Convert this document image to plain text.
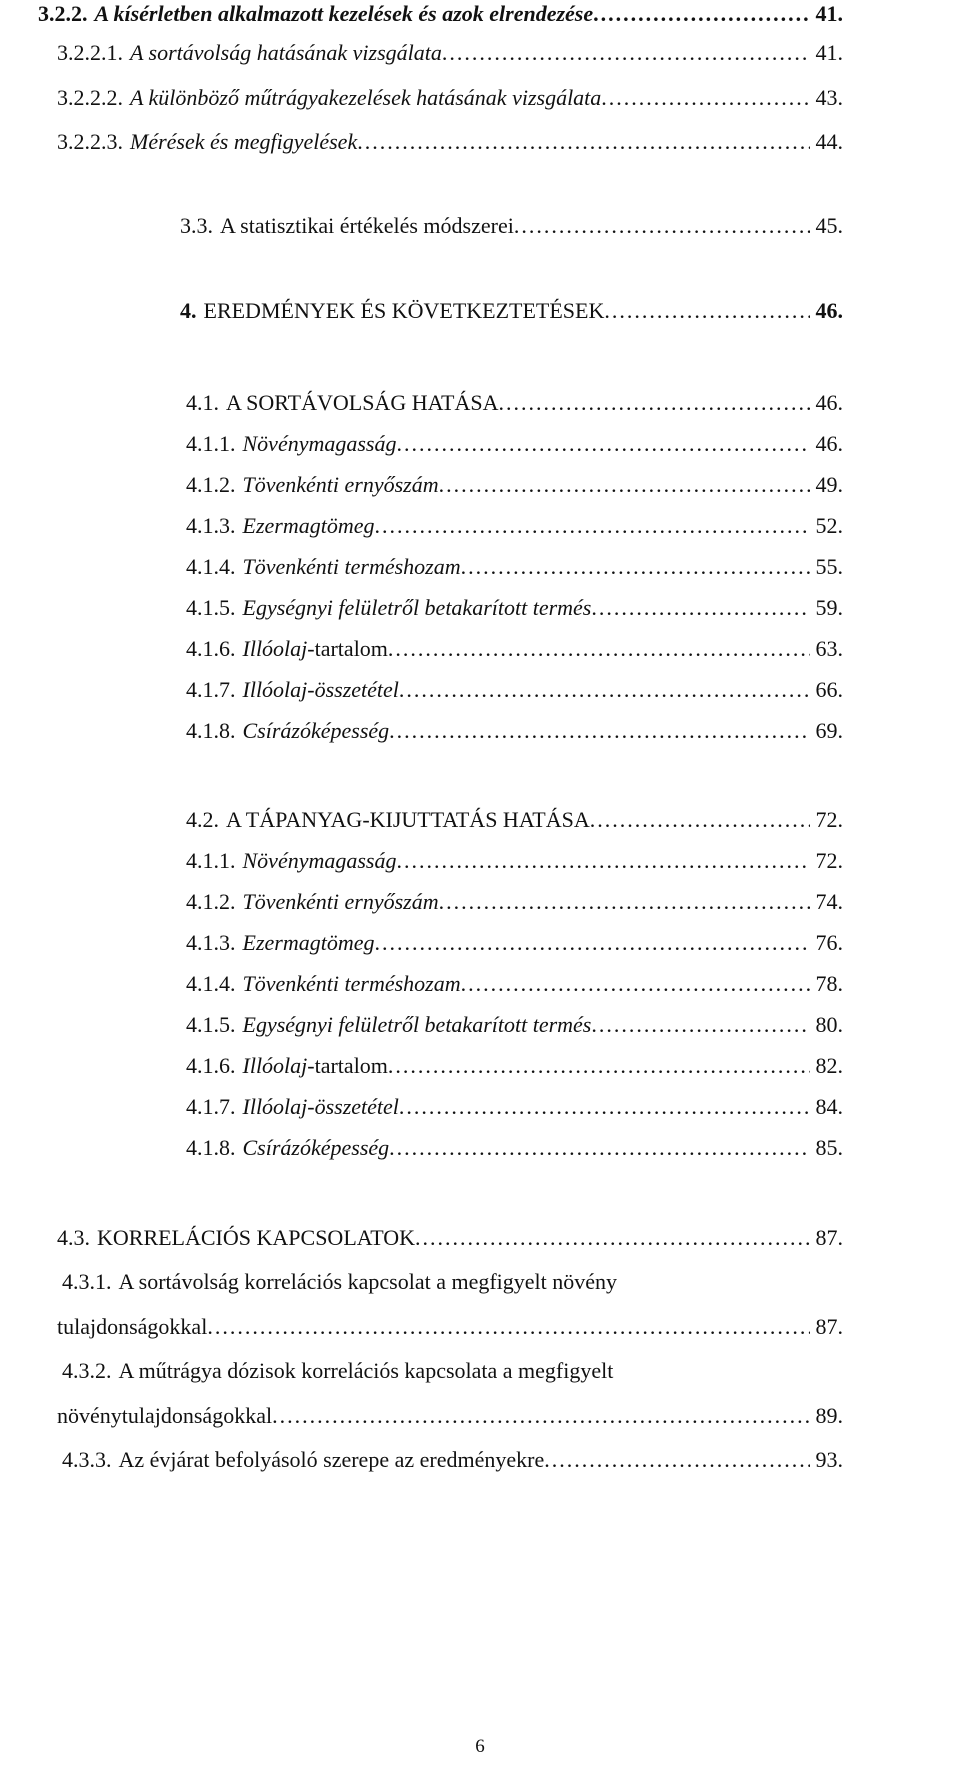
3.2.2. A kísérletben alkalmazott kezelések és azok elrendezése .....	41.
3.2.2.1. A sortávolság hatásának vizsgálata .....	41.
3.2.2.2. A különböző műtrágyakezelések hatásának vizsgálata .....	43.
3.2.2.3. Mérések és megfigyelések .....	44.
3.3. A statisztikai értékelés módszerei .....	45.
4. EREDMÉNYEK ÉS KÖVETKEZTETÉSEK .....	46.
4.1. A SORTÁVOLSÁG HATÁSA .....	46.
4.1.1. Növénymagasság .....	46.
4.1.2. Tövenkénti ernyőszám .....	49.
4.1.3. Ezermagtömeg .....	52.
4.1.4. Tövenkénti terméshozam .....	55.
4.1.5. Egységnyi felületről betakarított termés .....	59.
4.1.6. Illóolaj-tartalom .....	63.
4.1.7. Illóolaj-összetétel .....	66.
4.1.8. Csírázóképesség .....	69.
4.2. A TÁPANYAG-KIJUTTATÁS HATÁSA .....	72.
4.1.1. Növénymagasság .....	72.
4.1.2. Tövenkénti ernyőszám .....	74.
4.1.3. Ezermagtömeg .....	76.
4.1.4. Tövenkénti terméshozam .....	78.
4.1.5. Egységnyi felületről betakarított termés .....	80.
4.1.6. Illóolaj-tartalom .....	82.
4.1.7. Illóolaj-összetétel .....	84.
4.1.8. Csírázóképesség .....	85.
4.3. KORRELÁCIÓS KAPCSOLATOK .....	87.
4.3.1. A sortávolság korrelációs kapcsolat a megfigyelt növény
tulajdonságokkal .....	87.
4.3.2. A műtrágya dózisok korrelációs kapcsolata a megfigyelt
növénytulajdonságokkal .....	89.
4.3.3. Az évjárat befolyásoló szerepe az eredményekre .....	93.
6
